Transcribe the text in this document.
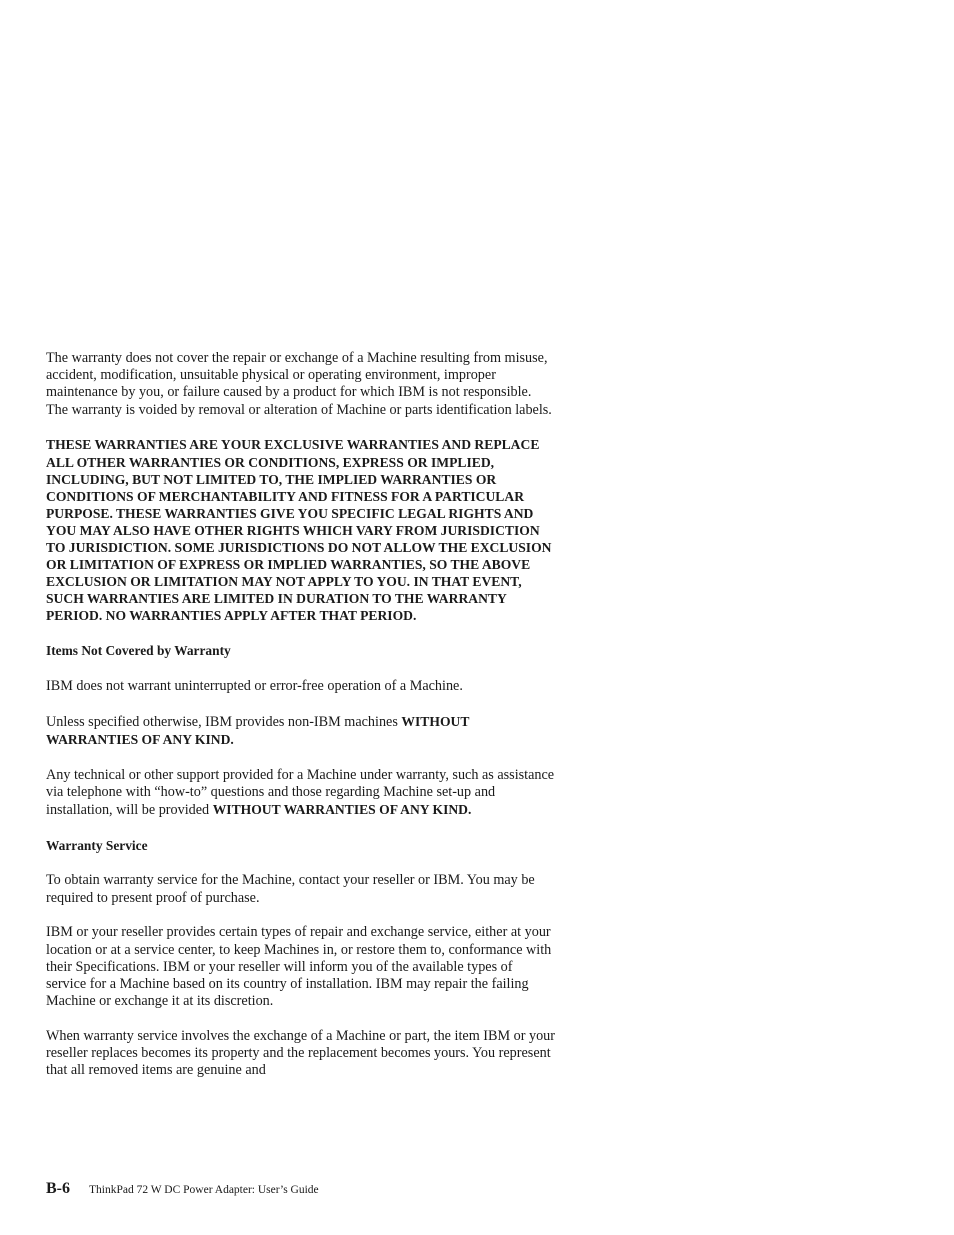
The warranty does not cover the repair or exchange of a Machine resulting from misuse, accident, modification, unsuitable physical or operating environment, improper maintenance by you, or failure caused by a product for which IBM is not responsible. The warranty is voided by removal or alteration of Machine or parts identification labels.

THESE WARRANTIES ARE YOUR EXCLUSIVE WARRANTIES AND REPLACE ALL OTHER WARRANTIES OR CONDITIONS, EXPRESS OR IMPLIED, INCLUDING, BUT NOT LIMITED TO, THE IMPLIED WARRANTIES OR CONDITIONS OF MERCHANTABILITY AND FITNESS FOR A PARTICULAR PURPOSE. THESE WARRANTIES GIVE YOU SPECIFIC LEGAL RIGHTS AND YOU MAY ALSO HAVE OTHER RIGHTS WHICH VARY FROM JURISDICTION TO JURISDICTION. SOME JURISDICTIONS DO NOT ALLOW THE EXCLUSION OR LIMITATION OF EXPRESS OR IMPLIED WARRANTIES, SO THE ABOVE EXCLUSION OR LIMITATION MAY NOT APPLY TO YOU. IN THAT EVENT, SUCH WARRANTIES ARE LIMITED IN DURATION TO THE WARRANTY PERIOD. NO WARRANTIES APPLY AFTER THAT PERIOD.

Items Not Covered by Warranty

IBM does not warrant uninterrupted or error-free operation of a Machine.

Unless specified otherwise, IBM provides non-IBM machines WITHOUT WARRANTIES OF ANY KIND.

Any technical or other support provided for a Machine under warranty, such as assistance via telephone with “how-to” questions and those regarding Machine set-up and installation, will be provided WITHOUT WARRANTIES OF ANY KIND.

Warranty Service

To obtain warranty service for the Machine, contact your reseller or IBM. You may be required to present proof of purchase.

IBM or your reseller provides certain types of repair and exchange service, either at your location or at a service center, to keep Machines in, or restore them to, conformance with their Specifications. IBM or your reseller will inform you of the available types of service for a Machine based on its country of installation. IBM may repair the failing Machine or exchange it at its discretion.

When warranty service involves the exchange of a Machine or part, the item IBM or your reseller replaces becomes its property and the replacement becomes yours. You represent that all removed items are genuine and

B-6 ThinkPad 72 W DC Power Adapter: User’s Guide
